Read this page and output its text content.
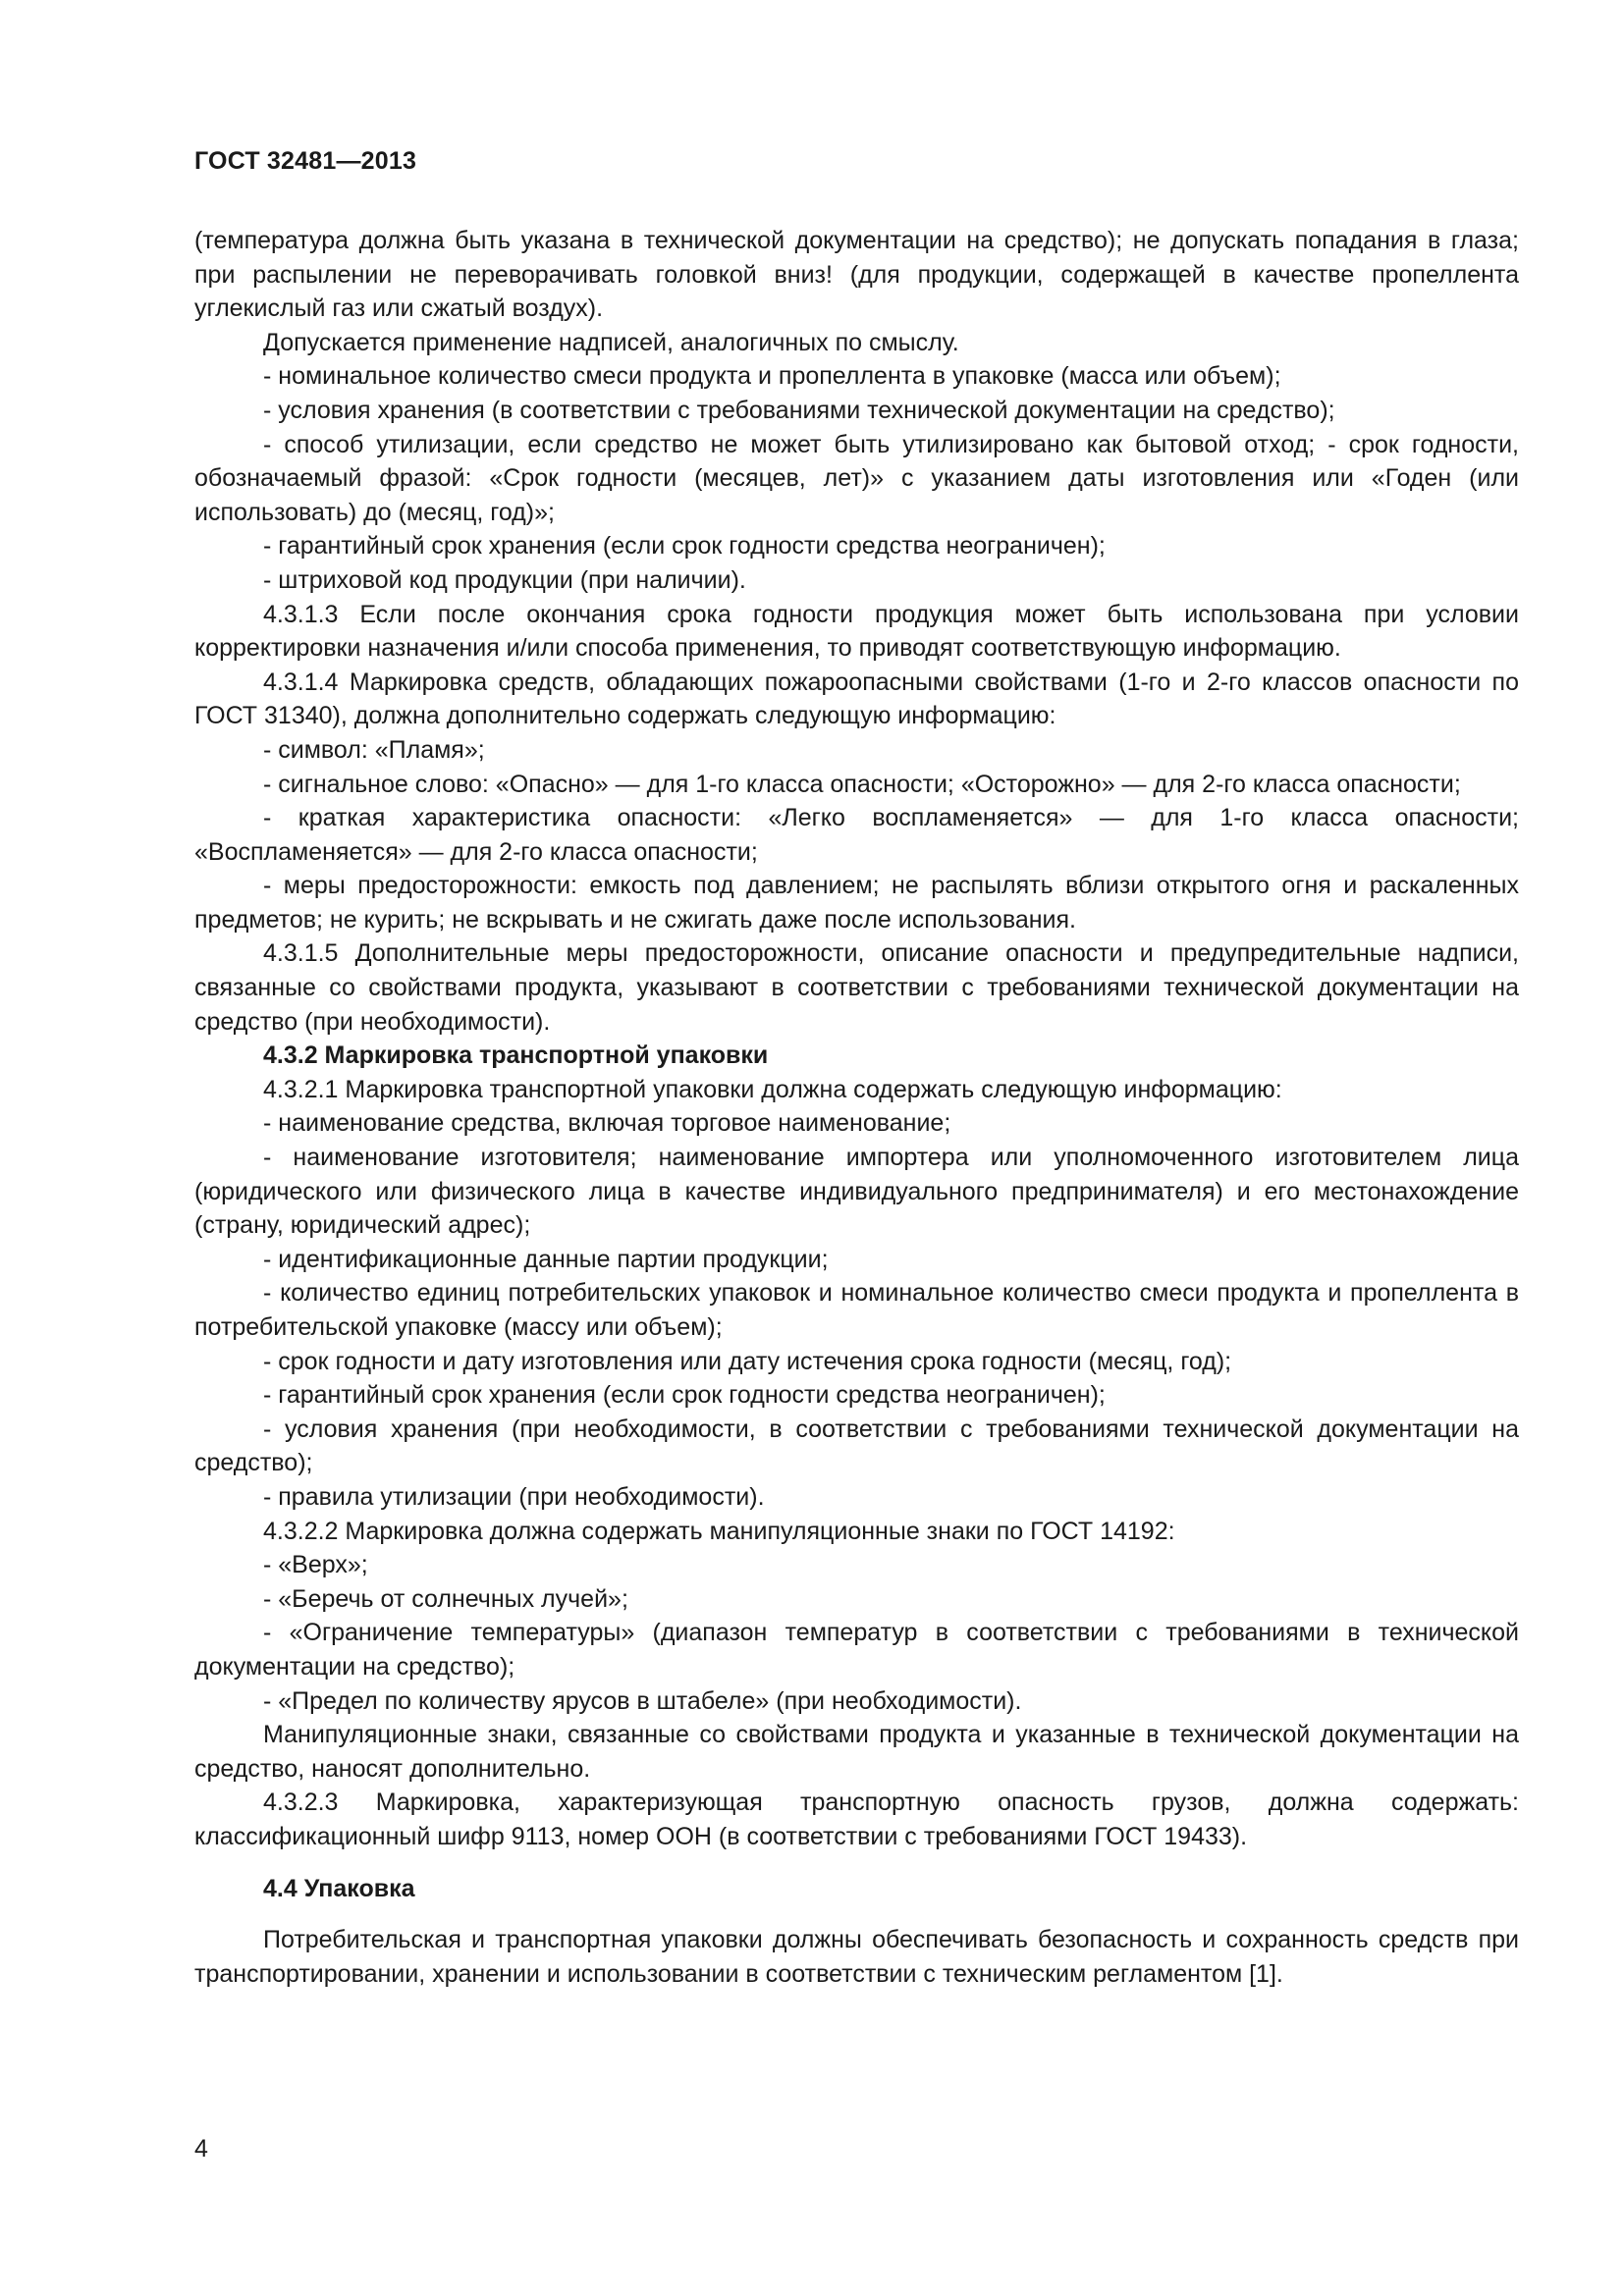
ГОСТ 32481—2013

(температура должна быть указана в технической документации на средство); не допускать попадания в глаза; при распылении не переворачивать головкой вниз! (для продукции, содержащей в качестве пропеллента углекислый газ или сжатый воздух).

Допускается применение надписей, аналогичных по смыслу.

- номинальное количество смеси продукта и пропеллента в упаковке (масса или объем);

- условия хранения (в соответствии с требованиями технической документации на средство);

- способ утилизации, если средство не может быть утилизировано как бытовой отход; - срок годности, обозначаемый фразой: «Срок годности (месяцев, лет)» с указанием даты изготовления или «Годен (или использовать) до (месяц, год)»;

- гарантийный срок хранения (если срок годности средства неограничен);

- штриховой код продукции (при наличии).

4.3.1.3 Если после окончания срока годности продукция может быть использована при условии корректировки назначения и/или способа применения, то приводят соответствующую информацию.

4.3.1.4 Маркировка средств, обладающих пожароопасными свойствами (1-го и 2-го классов опасности по ГОСТ 31340), должна дополнительно содержать следующую информацию:

- символ: «Пламя»;

- сигнальное слово: «Опасно» — для 1-го класса опасности; «Осторожно» — для 2-го класса опасности;

- краткая характеристика опасности: «Легко воспламеняется» — для 1-го класса опасности; «Воспламеняется» — для 2-го класса опасности;

- меры предосторожности: емкость под давлением; не распылять вблизи открытого огня и раскаленных предметов; не курить; не вскрывать и не сжигать даже после использования.

4.3.1.5 Дополнительные меры предосторожности, описание опасности и предупредительные надписи, связанные со свойствами продукта, указывают в соответствии с требованиями технической документации на средство (при необходимости).

4.3.2 Маркировка транспортной упаковки

4.3.2.1 Маркировка транспортной упаковки должна содержать следующую информацию:

- наименование средства, включая торговое наименование;

- наименование изготовителя; наименование импортера или уполномоченного изготовителем лица (юридического или физического лица в качестве индивидуального предпринимателя) и его местонахождение (страну, юридический адрес);

- идентификационные данные партии продукции;

- количество единиц потребительских упаковок и номинальное количество смеси продукта и пропеллента в потребительской упаковке (массу или объем);

- срок годности и дату изготовления или дату истечения срока годности (месяц, год);

- гарантийный срок хранения (если срок годности средства неограничен);

- условия хранения (при необходимости, в соответствии с требованиями технической документации на средство);

- правила утилизации (при необходимости).

4.3.2.2 Маркировка должна содержать манипуляционные знаки по ГОСТ 14192:

- «Верх»;

- «Беречь от солнечных лучей»;

- «Ограничение температуры» (диапазон температур в соответствии с требованиями в технической документации на средство);

- «Предел по количеству ярусов в штабеле» (при необходимости).

Манипуляционные знаки, связанные со свойствами продукта и указанные в технической документации на средство, наносят дополнительно.

4.3.2.3 Маркировка, характеризующая транспортную опасность грузов, должна содержать: классификационный шифр 9113, номер ООН (в соответствии с требованиями ГОСТ 19433).

4.4 Упаковка

Потребительская и транспортная упаковки должны обеспечивать безопасность и сохранность средств при транспортировании, хранении и использовании в соответствии с техническим регламентом [1].

4
